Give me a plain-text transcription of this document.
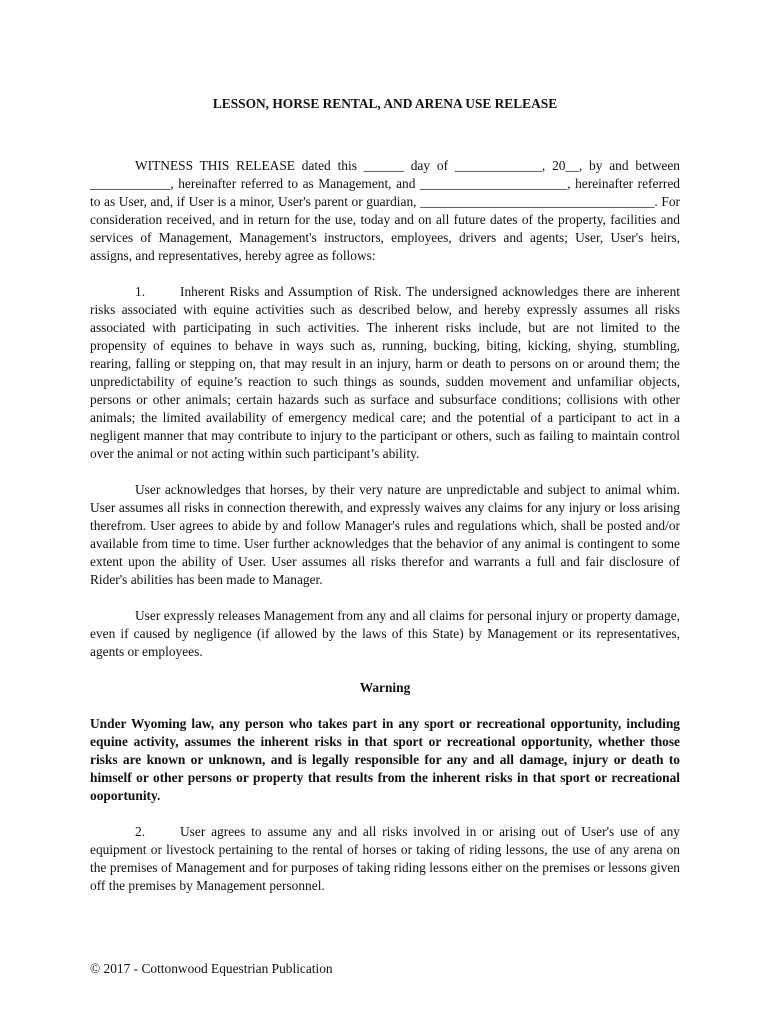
LESSON, HORSE RENTAL, AND ARENA USE RELEASE

WITNESS THIS RELEASE dated this ______ day of _____________, 20__, by and between ____________, hereinafter referred to as Management, and ______________________, hereinafter referred to as User, and, if User is a minor, User's parent or guardian, ___________________________________. For consideration received, and in return for the use, today and on all future dates of the property, facilities and services of Management, Management's instructors, employees, drivers and agents; User, User's heirs, assigns, and representatives, hereby agree as follows:

1.	Inherent Risks and Assumption of Risk. The undersigned acknowledges there are inherent risks associated with equine activities such as described below, and hereby expressly assumes all risks associated with participating in such activities. The inherent risks include, but are not limited to the propensity of equines to behave in ways such as, running, bucking, biting, kicking, shying, stumbling, rearing, falling or stepping on, that may result in an injury, harm or death to persons on or around them; the unpredictability of equine’s reaction to such things as sounds, sudden movement and unfamiliar objects, persons or other animals; certain hazards such as surface and subsurface conditions; collisions with other animals; the limited availability of emergency medical care; and the potential of a participant to act in a negligent manner that may contribute to injury to the participant or others, such as failing to maintain control over the animal or not acting within such participant’s ability.

User acknowledges that horses, by their very nature are unpredictable and subject to animal whim. User assumes all risks in connection therewith, and expressly waives any claims for any injury or loss arising therefrom. User agrees to abide by and follow Manager's rules and regulations which, shall be posted and/or available from time to time. User further acknowledges that the behavior of any animal is contingent to some extent upon the ability of User. User assumes all risks therefor and warrants a full and fair disclosure of Rider's abilities has been made to Manager.

User expressly releases Management from any and all claims for personal injury or property damage, even if caused by negligence (if allowed by the laws of this State) by Management or its representatives, agents or employees.

Warning

Under Wyoming law, any person who takes part in any sport or recreational opportunity, including equine activity, assumes the inherent risks in that sport or recreational opportunity, whether those risks are known or unknown, and is legally responsible for any and all damage, injury or death to himself or other persons or property that results from the inherent risks in that sport or recreational ooportunity.

2.	User agrees to assume any and all risks involved in or arising out of User's use of any equipment or livestock pertaining to the rental of horses or taking of riding lessons, the use of any arena on the premises of Management and for purposes of taking riding lessons either on the premises or lessons given off the premises by Management personnel.

© 2017 - Cottonwood Equestrian Publication
